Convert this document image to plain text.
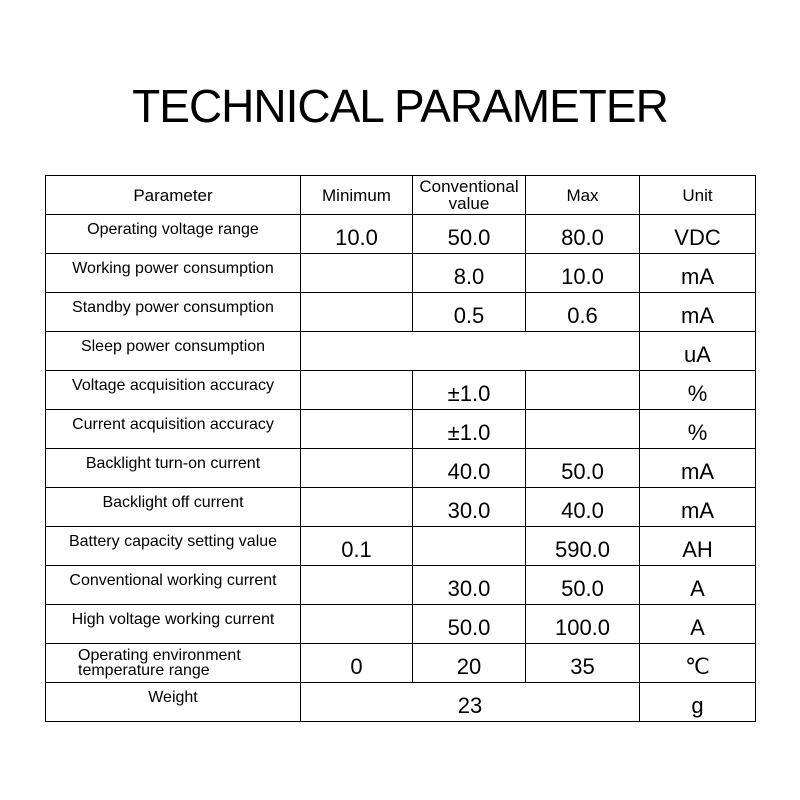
TECHNICAL PARAMETER
Parameter	Minimum	Conventional value	Max	Unit
Operating voltage range	10.0	50.0	80.0	VDC
Working power consumption		8.0	10.0	mA
Standby power consumption		0.5	0.6	mA
Sleep power consumption				uA
Voltage acquisition accuracy		±1.0		%
Current acquisition accuracy		±1.0		%
Backlight turn-on current		40.0	50.0	mA
Backlight off current		30.0	40.0	mA
Battery capacity setting value	0.1		590.0	AH
Conventional working current		30.0	50.0	A
High voltage working current		50.0	100.0	A
Operating environment temperature range	0	20	35	℃
Weight	23			g
